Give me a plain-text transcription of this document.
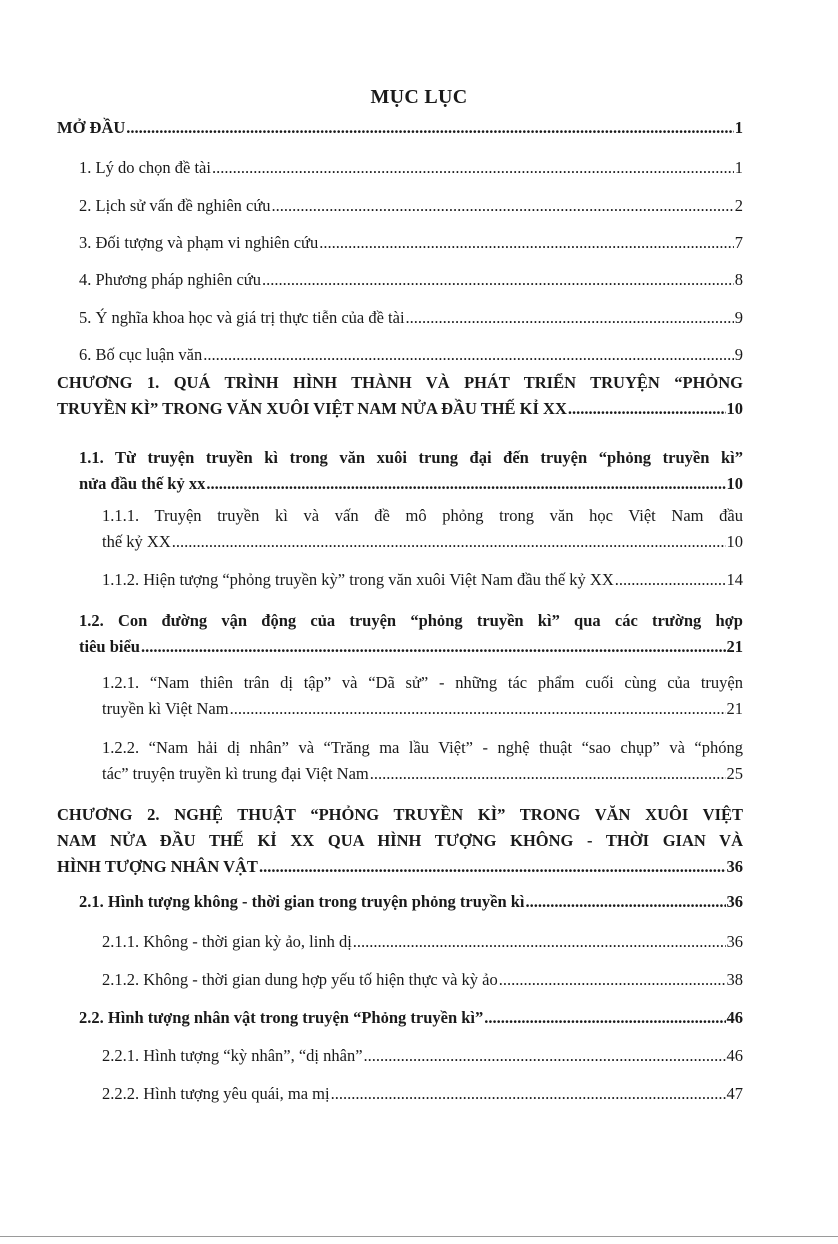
MỤC LỤC
MỞ ĐẦU .....	1
1. Lý do chọn đề tài .....	1
2. Lịch sử vấn đề nghiên cứu .....	2
3. Đối tượng và phạm vi nghiên cứu .....	7
4. Phương pháp nghiên cứu .....	8
5. Ý nghĩa khoa học và giá trị thực tiễn của đề tài .....	9
6. Bố cục luận văn .....	9
CHƯƠNG 1. QUÁ TRÌNH HÌNH THÀNH VÀ PHÁT TRIỂN TRUYỆN “PHỎNG
TRUYỀN KÌ” TRONG VĂN XUÔI VIỆT NAM NỬA ĐẦU THẾ KỈ XX .....	10
1.1. Từ truyện truyền kì trong văn xuôi trung đại đến truyện “phỏng truyền kì”
nửa đầu thế kỷ xx .....	10
1.1.1. Truyện truyền kì và vấn đề mô phỏng trong văn học Việt Nam đầu
thế kỷ XX .....	10
1.1.2. Hiện tượng “phỏng truyền kỳ” trong văn xuôi Việt Nam đầu thế kỷ XX .....	14
1.2. Con đường vận động của truyện “phỏng truyền kì” qua các trường hợp
tiêu biểu .....	21
1.2.1. “Nam thiên trân dị tập” và “Dã sử” - những tác phẩm cuối cùng của truyện
truyền kì Việt Nam .....	21
1.2.2. “Nam hải dị nhân” và “Trăng ma lầu Việt” - nghệ thuật “sao chụp” và “phóng
tác” truyện truyền kì trung đại Việt Nam .....	25
CHƯƠNG 2. NGHỆ THUẬT “PHỎNG TRUYỀN KÌ” TRONG VĂN XUÔI VIỆT
NAM NỬA ĐẦU THẾ KỈ XX QUA HÌNH TƯỢNG KHÔNG - THỜI GIAN VÀ
HÌNH TƯỢNG NHÂN VẬT .....	36
2.1. Hình tượng không - thời gian trong truyện phỏng truyền kì .....	36
2.1.1. Không - thời gian kỳ ảo, linh dị .....	36
2.1.2. Không - thời gian dung hợp yếu tố hiện thực và kỳ ảo .....	38
2.2. Hình tượng nhân vật trong truyện “Phỏng truyền kì” .....	46
2.2.1. Hình tượng “kỳ nhân”, “dị nhân” .....	46
2.2.2. Hình tượng yêu quái, ma mị .....	47
